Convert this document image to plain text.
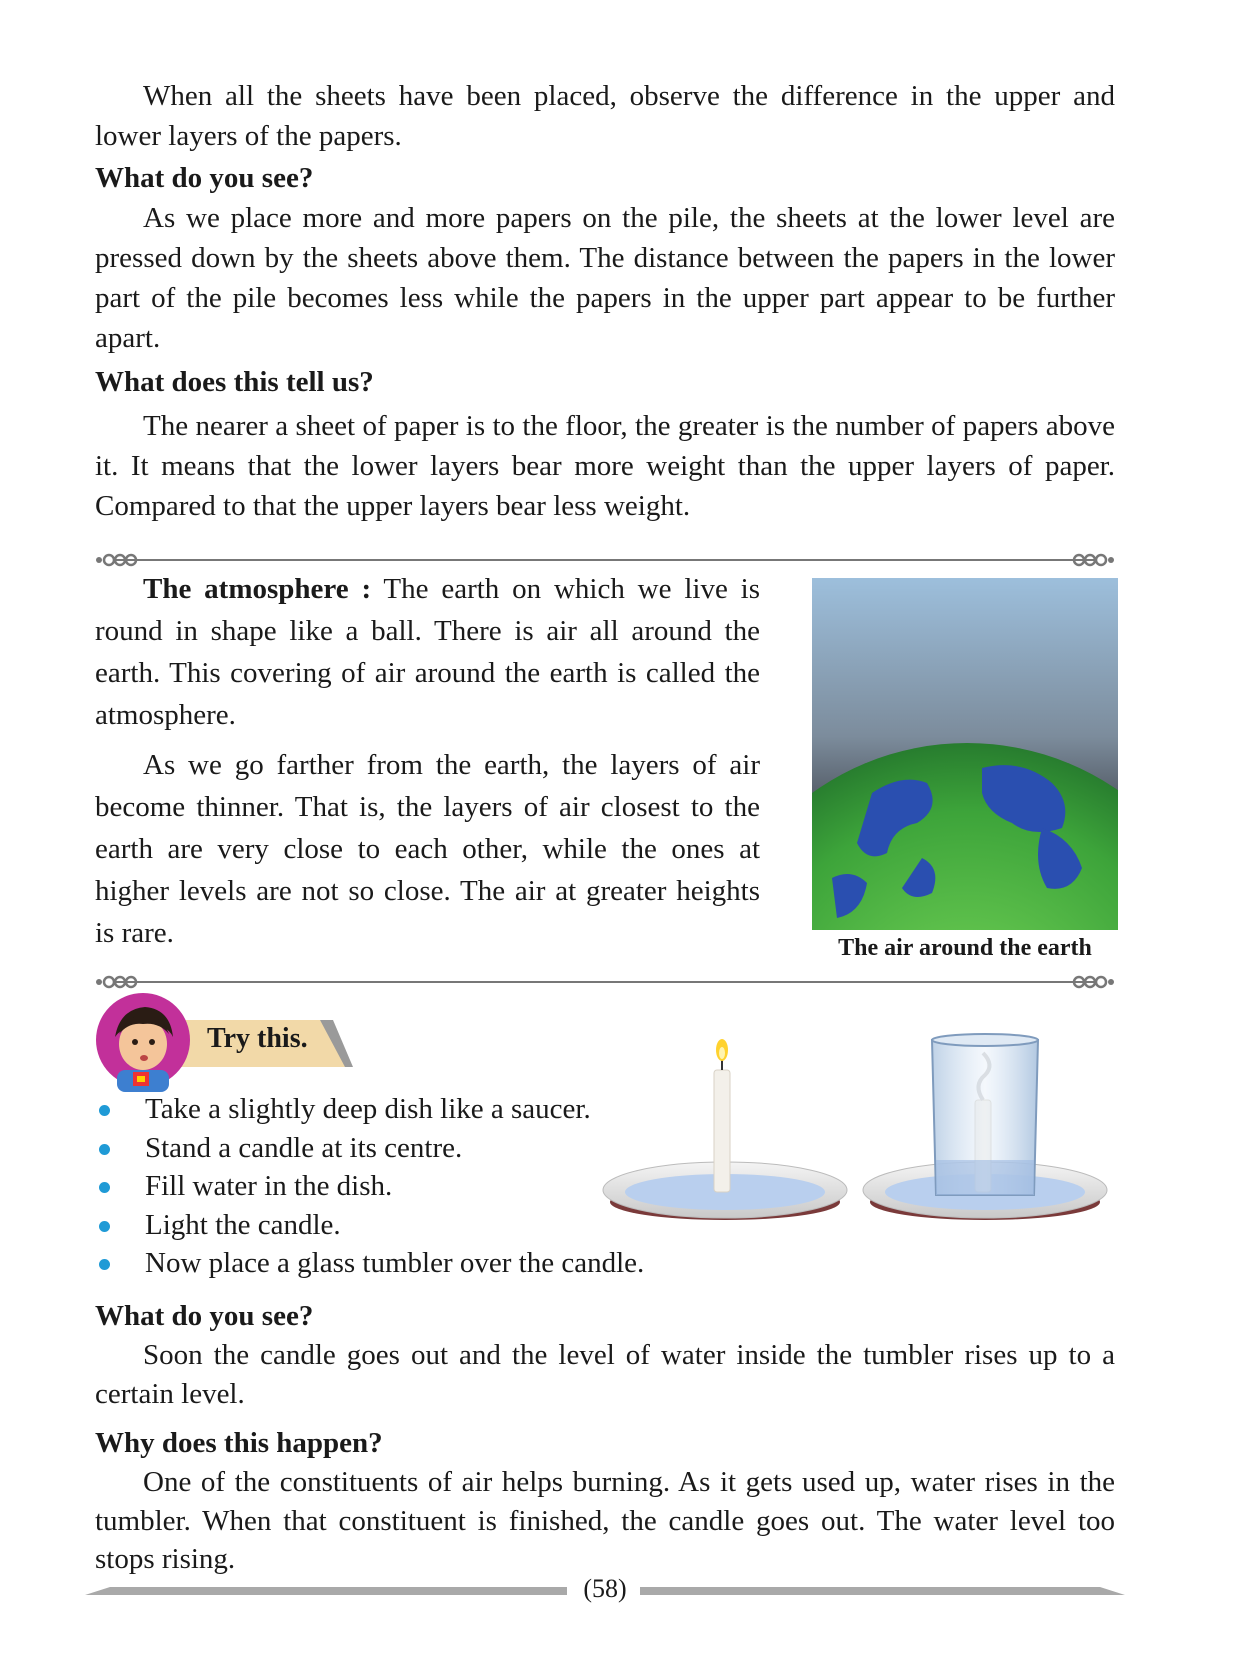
When all the sheets have been placed, observe the difference in the upper and lower layers of the papers.

What do you see?

As we place more and more papers on the pile, the sheets at the lower level are pressed down by the sheets above them. The distance between the papers in the lower part of the pile becomes less while the papers in the upper part appear to be further apart.

What does this tell us?

The nearer a sheet of paper is to the floor, the greater is the number of papers above it. It means that the lower layers bear more weight than the upper layers of paper. Compared to that the upper layers bear less weight.

The atmosphere : The earth on which we live is round in shape like a ball. There is air all around the earth. This covering of air around the earth is called the atmosphere.

As we go farther from the earth, the layers of air become thinner. That is, the layers of air closest to the earth are very close to each other, while the ones at higher levels are not so close. The air at greater heights is rare.	The air around the earth
Try this.
Take a slightly deep dish like a saucer.
Stand a candle at its centre.
Fill water in the dish.
Light the candle.
Now place a glass tumbler over the candle.
What do you see?

Soon the candle goes out and the level of water inside the tumbler rises up to a certain level.

Why does this happen?

One of the constituents of air helps burning. As it gets used up, water rises in the tumbler. When that constituent is finished, the candle goes out. The water level too stops rising.

(58)
